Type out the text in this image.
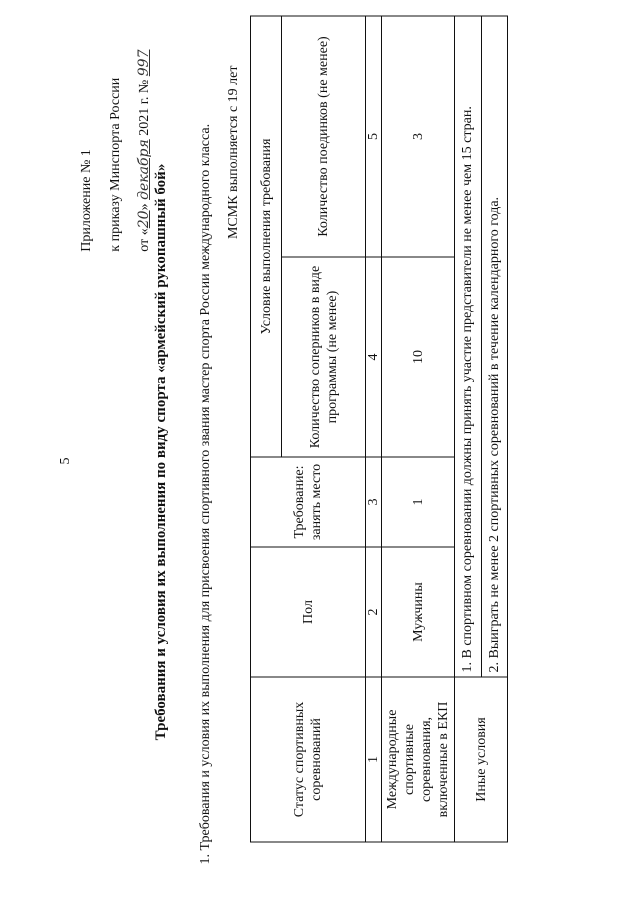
5
Приложение № 1	к приказу Минспорта России	от «20» декабря 2021 г. № 997
Требования и условия их выполнения по виду спорта «армейский рукопашный бой» 1. Требования и условия их выполнения для присвоения спортивного звания мастер спорта России международного класса. МСМК выполняется с 19 лет
Статус спортивных соревнований	Пол	Требование: занять место	Условие выполнения требования	
			Количество соперников в виде программы (не менее)	Количество поединков (не менее)
1	2	3	4	5
Международные спортивные соревнования, включенные в ЕКП	Мужчины	1	10	3
Иные условия	1. В спортивном соревновании должны принять участие представители не менее чем 15 стран.			
	2. Выиграть не менее 2 спортивных соревнований в течение календарного года.			
